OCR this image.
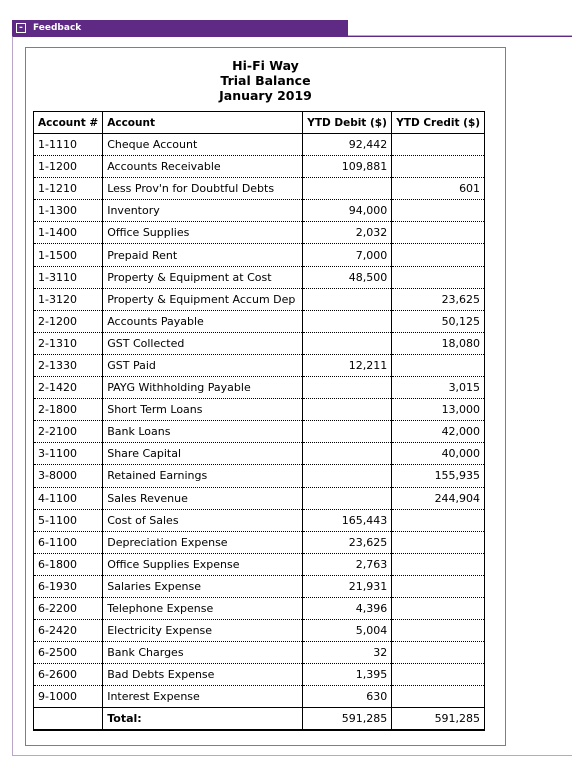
-	Feedback
Hi-Fi Way
Trial Balance
January 2019
Account #	Account	YTD Debit ($)	YTD Credit ($)
1-1110	Cheque Account	92,442	
1-1200	Accounts Receivable	109,881	
1-1210	Less Prov'n for Doubtful Debts		601
1-1300	Inventory	94,000	
1-1400	Office Supplies	2,032	
1-1500	Prepaid Rent	7,000	
1-3110	Property & Equipment at Cost	48,500	
1-3120	Property & Equipment Accum Dep		23,625
2-1200	Accounts Payable		50,125
2-1310	GST Collected		18,080
2-1330	GST Paid	12,211	
2-1420	PAYG Withholding Payable		3,015
2-1800	Short Term Loans		13,000
2-2100	Bank Loans		42,000
3-1100	Share Capital		40,000
3-8000	Retained Earnings		155,935
4-1100	Sales Revenue		244,904
5-1100	Cost of Sales	165,443	
6-1100	Depreciation Expense	23,625	
6-1800	Office Supplies Expense	2,763	
6-1930	Salaries Expense	21,931	
6-2200	Telephone Expense	4,396	
6-2420	Electricity Expense	5,004	
6-2500	Bank Charges	32	
6-2600	Bad Debts Expense	1,395	
9-1000	Interest Expense	630	
	Total:	591,285	591,285
